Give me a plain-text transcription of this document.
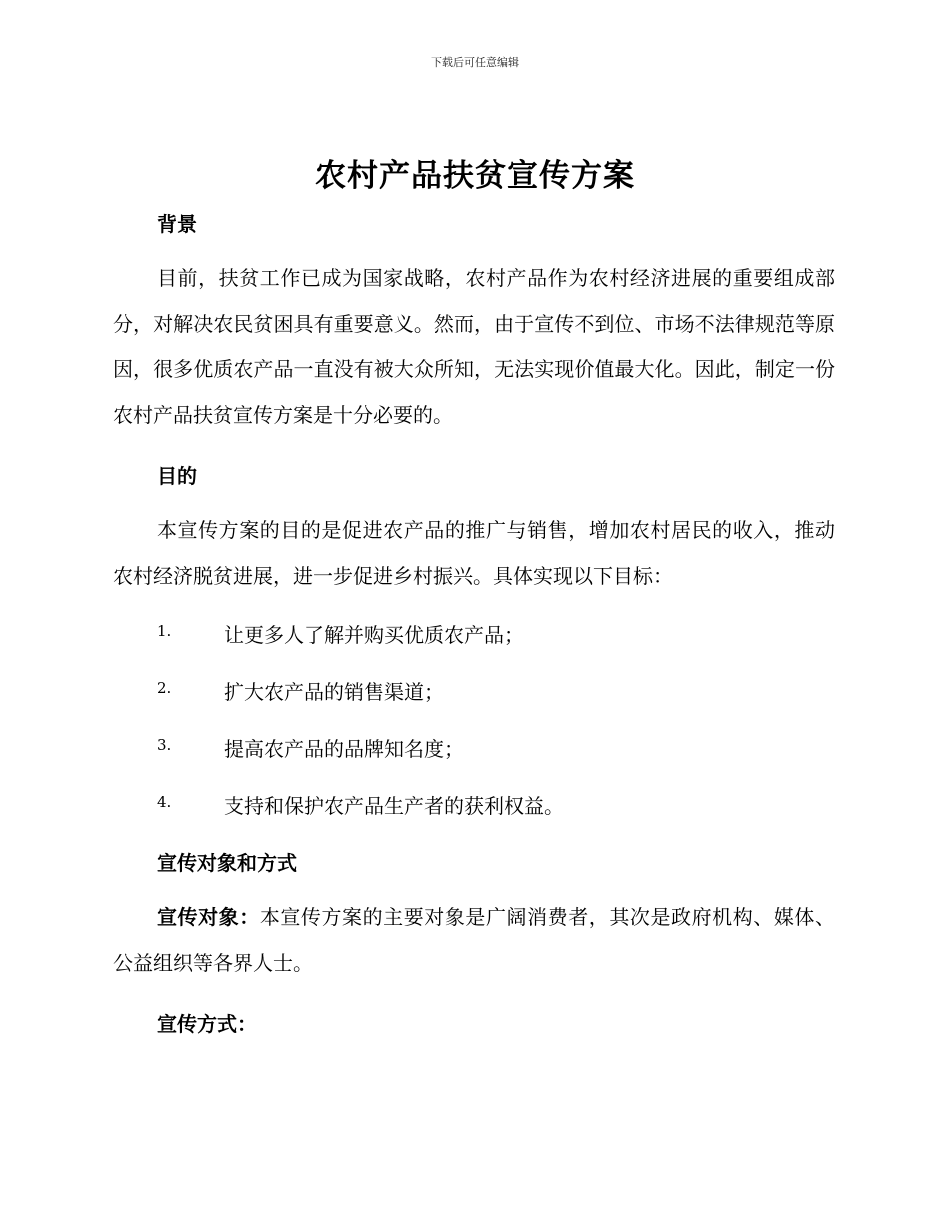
下载后可任意编辑
农村产品扶贫宣传方案
背景

目前，扶贫工作已成为国家战略，农村产品作为农村经济进展的重要组成部分，对解决农民贫困具有重要意义。然而，由于宣传不到位、市场不法律规范等原因，很多优质农产品一直没有被大众所知，无法实现价值最大化。因此，制定一份农村产品扶贫宣传方案是十分必要的。

目的

本宣传方案的目的是促进农产品的推广与销售，增加农村居民的收入，推动农村经济脱贫进展，进一步促进乡村振兴。具体实现以下目标：

1.	让更多人了解并购买优质农产品；
2.	扩大农产品的销售渠道；
3.	提高农产品的品牌知名度；
4.	支持和保护农产品生产者的获利权益。
宣传对象和方式

宣传对象：本宣传方案的主要对象是广阔消费者，其次是政府机构、媒体、公益组织等各界人士。

宣传方式：
